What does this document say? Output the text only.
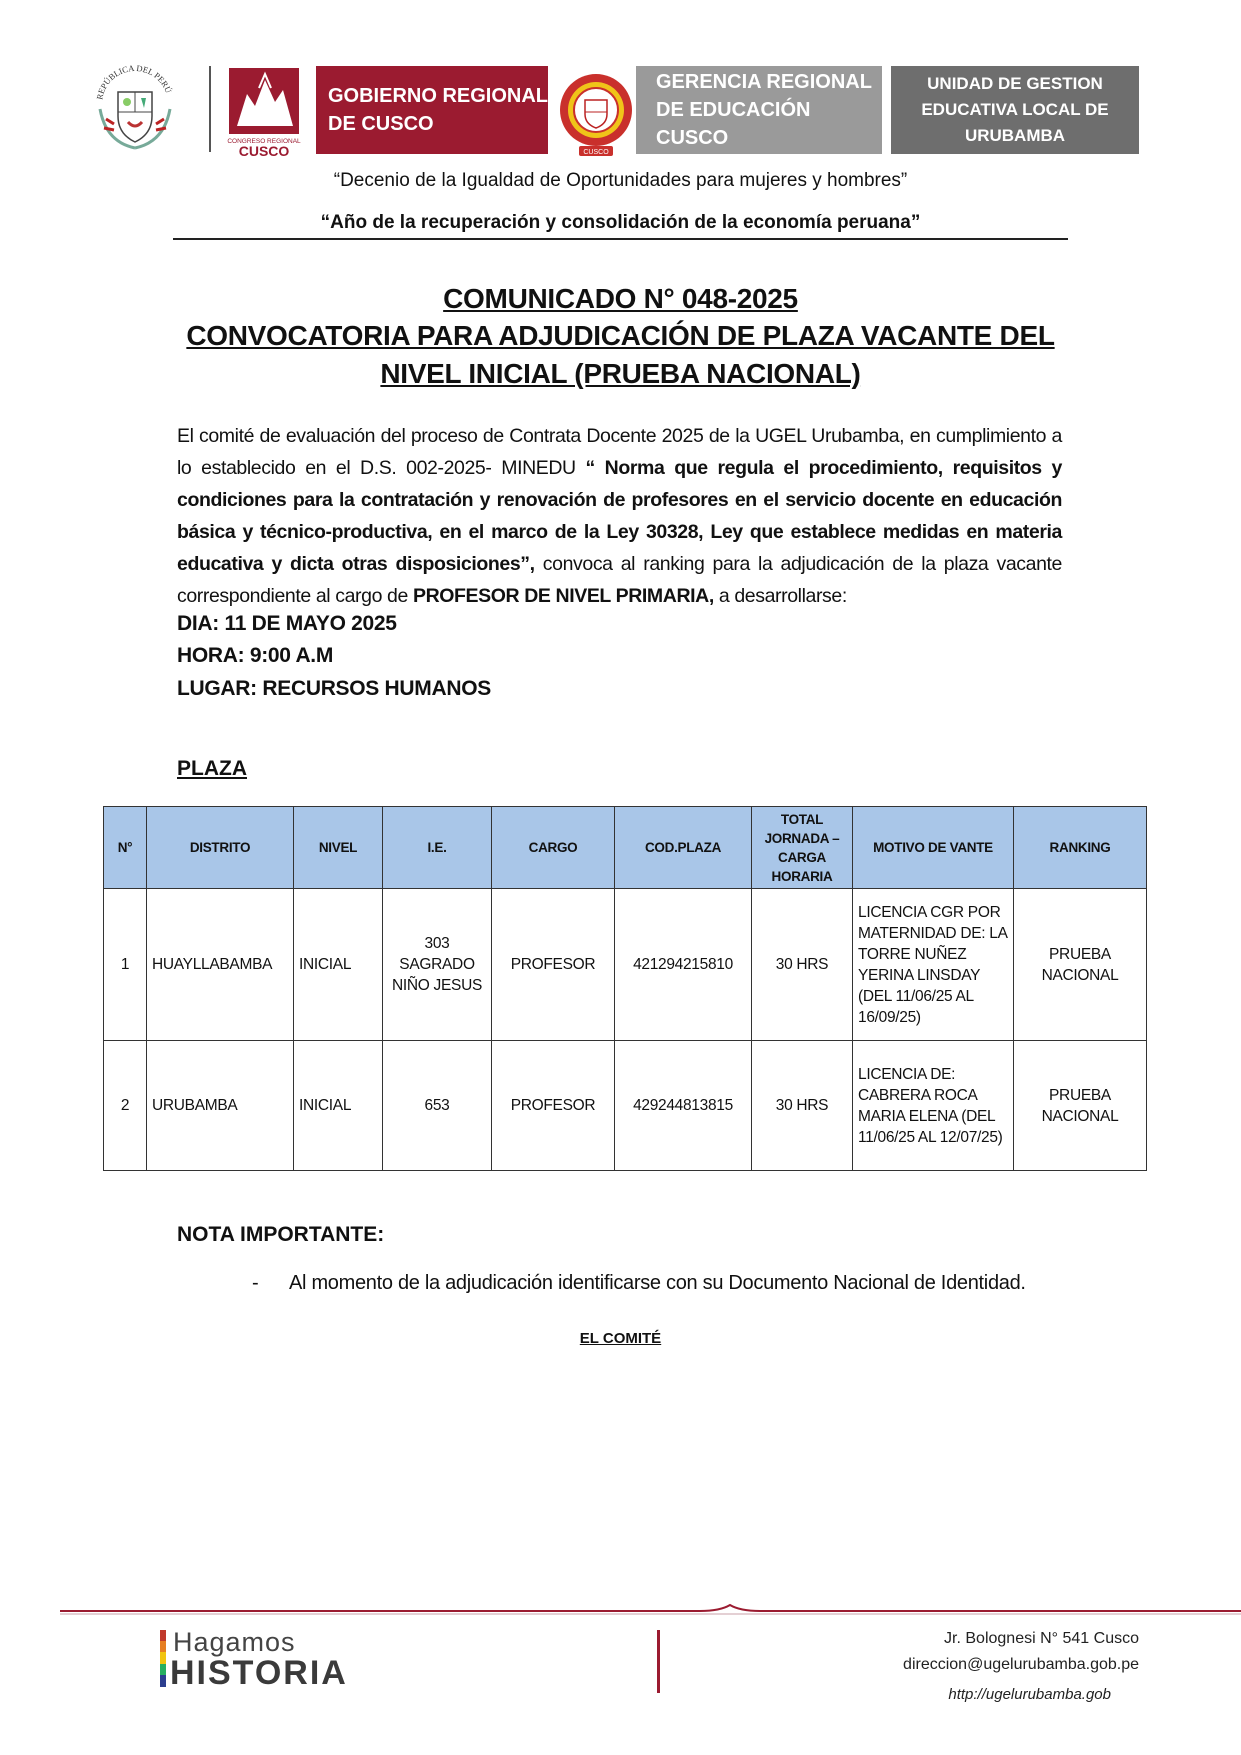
REPÚBLICA DEL PERÚ
CONGRESO REGIONAL
CUSCO
GOBIERNO REGIONAL
DE CUSCO
CUSCO
GERENCIA REGIONAL
DE EDUCACIÓN CUSCO
UNIDAD DE GESTION
EDUCATIVA LOCAL DE
URUBAMBA
“Decenio de la Igualdad de Oportunidades para mujeres y hombres”
“Año de la recuperación y consolidación de la economía peruana”
COMUNICADO N° 048-2025
CONVOCATORIA PARA ADJUDICACIÓN DE PLAZA VACANTE DEL
NIVEL INICIAL (PRUEBA NACIONAL)
El comité de evaluación del proceso de Contrata Docente 2025 de la UGEL Urubamba, en cumplimiento a lo establecido en el D.S. 002-2025- MINEDU “ Norma que regula el procedimiento, requisitos y condiciones para la contratación y renovación de profesores en el servicio docente en educación básica y técnico-productiva, en el marco de la Ley 30328, Ley que establece medidas en materia educativa y dicta otras disposiciones”, convoca al ranking para la adjudicación de la plaza vacante correspondiente al cargo de PROFESOR DE NIVEL PRIMARIA, a desarrollarse:
DIA: 11 DE MAYO 2025
HORA: 9:00 A.M
LUGAR: RECURSOS HUMANOS
PLAZA
N°	DISTRITO	NIVEL	I.E.	CARGO	COD.PLAZA	TOTAL JORNADA – CARGA HORARIA	MOTIVO DE VANTE	RANKING
1	HUAYLLABAMBA	INICIAL	303 SAGRADO NIÑO JESUS	PROFESOR	421294215810	30 HRS	LICENCIA CGR POR MATERNIDAD DE: LA TORRE NUÑEZ YERINA LINSDAY (DEL 11/06/25 AL 16/09/25)	PRUEBA NACIONAL
2	URUBAMBA	INICIAL	653	PROFESOR	429244813815	30 HRS	LICENCIA DE: CABRERA ROCA MARIA ELENA (DEL 11/06/25 AL 12/07/25)	PRUEBA NACIONAL
NOTA IMPORTANTE:
- Al momento de la adjudicación identificarse con su Documento Nacional de Identidad.
EL COMITÉ
Hagamos
HISTORIA
Jr. Bolognesi N° 541 Cusco
direccion@ugelurubamba.gob.pe
http://ugelurubamba.gob
